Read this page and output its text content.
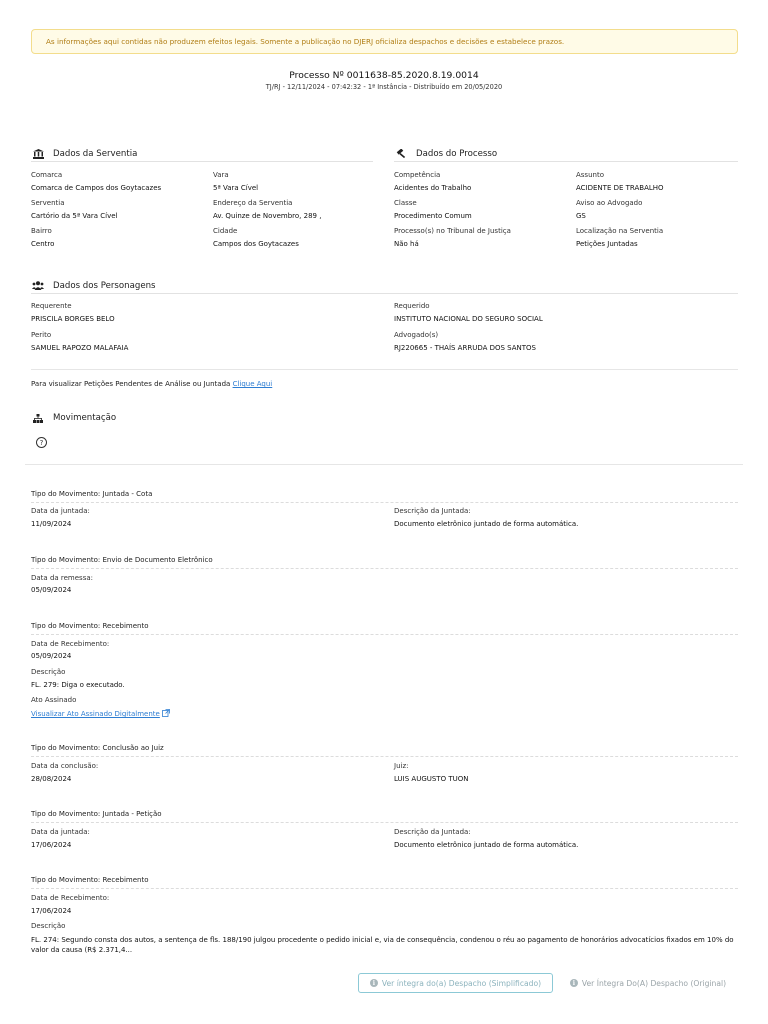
As informações aqui contidas não produzem efeitos legais. Somente a publicação no DJERJ oficializa despachos e decisões e estabelece prazos.
Processo Nº 0011638-85.2020.8.19.0014
TJ/RJ - 12/11/2024 - 07:42:32 - 1ª Instância - Distribuído em 20/05/2020
Dados da Serventia
Comarca
Comarca de Campos dos Goytacazes
Vara
5ª Vara Cível
Serventia
Cartório da 5ª Vara Cível
Endereço da Serventia
Av. Quinze de Novembro, 289 ,
Bairro
Centro
Cidade
Campos dos Goytacazes
Dados do Processo
Competência
Acidentes do Trabalho
Assunto
ACIDENTE DE TRABALHO
Classe
Procedimento Comum
Aviso ao Advogado
GS
Processo(s) no Tribunal de Justiça
Não há
Localização na Serventia
Petições Juntadas
Dados dos Personagens
Requerente
PRISCILA BORGES BELO
Requerido
INSTITUTO NACIONAL DO SEGURO SOCIAL
Perito
SAMUEL RAPOZO MALAFAIA
Advogado(s)
RJ220665 - THAÍS ARRUDA DOS SANTOS
Para visualizar Petições Pendentes de Análise ou Juntada Clique Aqui
Movimentação
?
Tipo do Movimento: Juntada - Cota
Data da juntada:
11/09/2024
Descrição da Juntada:
Documento eletrônico juntado de forma automática.
Tipo do Movimento: Envio de Documento Eletrônico
Data da remessa:
05/09/2024
Tipo do Movimento: Recebimento
Data de Recebimento:
05/09/2024
Descrição
FL. 279: Diga o executado.
Ato Assinado
Visualizar Ato Assinado Digitalmente
Tipo do Movimento: Conclusão ao Juiz
Data da conclusão:
28/08/2024
Juiz:
LUIS AUGUSTO TUON
Tipo do Movimento: Juntada - Petição
Data da juntada:
17/06/2024
Descrição da Juntada:
Documento eletrônico juntado de forma automática.
Tipo do Movimento: Recebimento
Data de Recebimento:
17/06/2024
Descrição
FL. 274: Segundo consta dos autos, a sentença de fls. 188/190 julgou procedente o pedido inicial e, via de consequência, condenou o réu ao pagamento de honorários advocatícios fixados em 10% do valor da causa (R$ 2.371,4...
i Ver íntegra do(a) Despacho (Simplificado)	i Ver Íntegra Do(A) Despacho (Original)
